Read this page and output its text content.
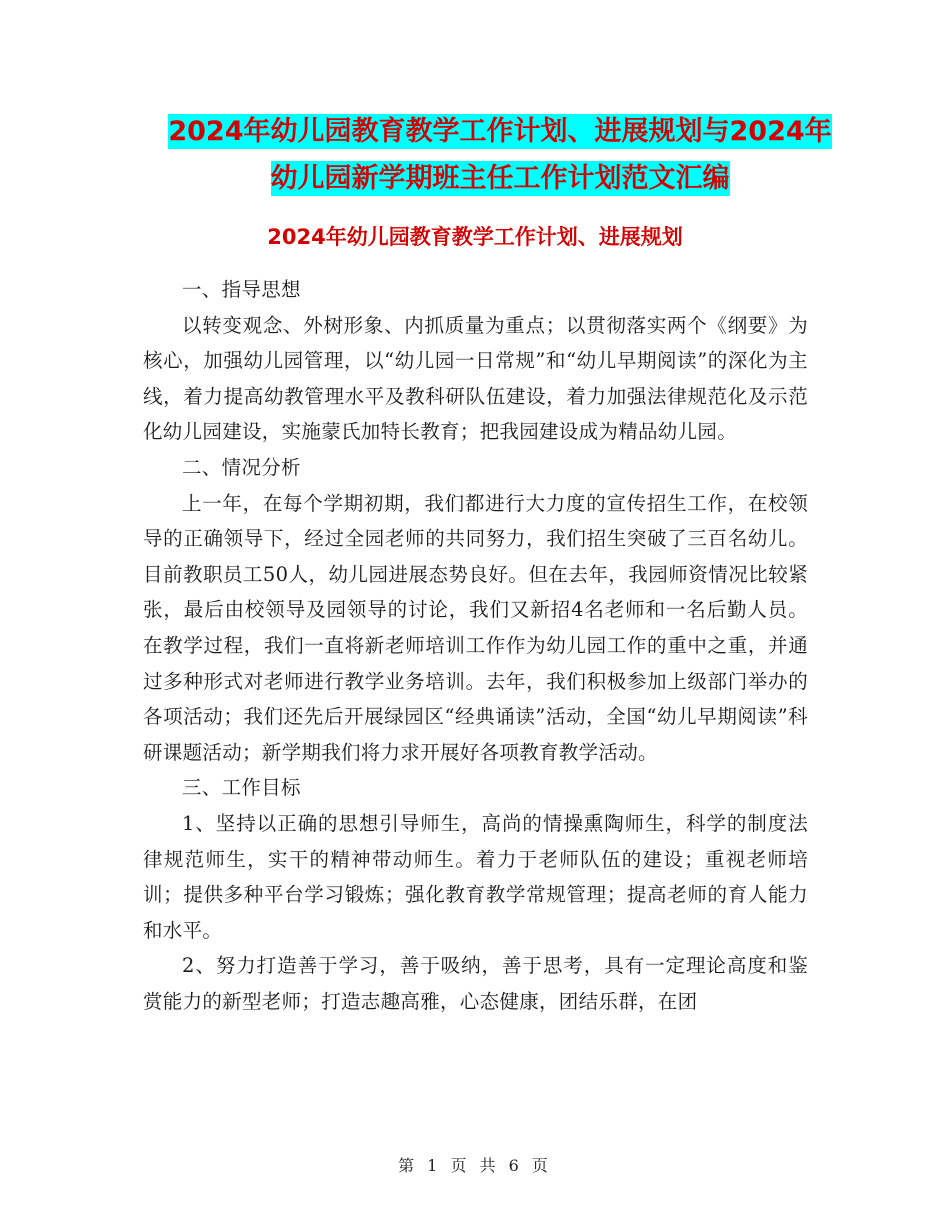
2024年幼儿园教育教学工作计划、进展规划与2024年
幼儿园新学期班主任工作计划范文汇编
2024年幼儿园教育教学工作计划、进展规划

一、指导思想

以转变观念、外树形象、内抓质量为重点；以贯彻落实两个《纲要》为核心，加强幼儿园管理，以“幼儿园一日常规”和“幼儿早期阅读”的深化为主线，着力提高幼教管理水平及教科研队伍建设，着力加强法律规范化及示范化幼儿园建设，实施蒙氏加特长教育；把我园建设成为精品幼儿园。

二、情况分析

上一年，在每个学期初期，我们都进行大力度的宣传招生工作，在校领导的正确领导下，经过全园老师的共同努力，我们招生突破了三百名幼儿。目前教职员工50人，幼儿园进展态势良好。但在去年，我园师资情况比较紧张，最后由校领导及园领导的讨论，我们又新招4名老师和一名后勤人员。在教学过程，我们一直将新老师培训工作作为幼儿园工作的重中之重，并通过多种形式对老师进行教学业务培训。去年，我们积极参加上级部门举办的各项活动；我们还先后开展绿园区“经典诵读”活动，全国“幼儿早期阅读”科研课题活动；新学期我们将力求开展好各项教育教学活动。

三、工作目标

1、坚持以正确的思想引导师生，高尚的情操熏陶师生，科学的制度法律规范师生，实干的精神带动师生。着力于老师队伍的建设；重视老师培训；提供多种平台学习锻炼；强化教育教学常规管理；提高老师的育人能力和水平。

2、努力打造善于学习，善于吸纳，善于思考，具有一定理论高度和鉴赏能力的新型老师；打造志趣高雅，心态健康，团结乐群，在团

第 1 页 共 6 页
